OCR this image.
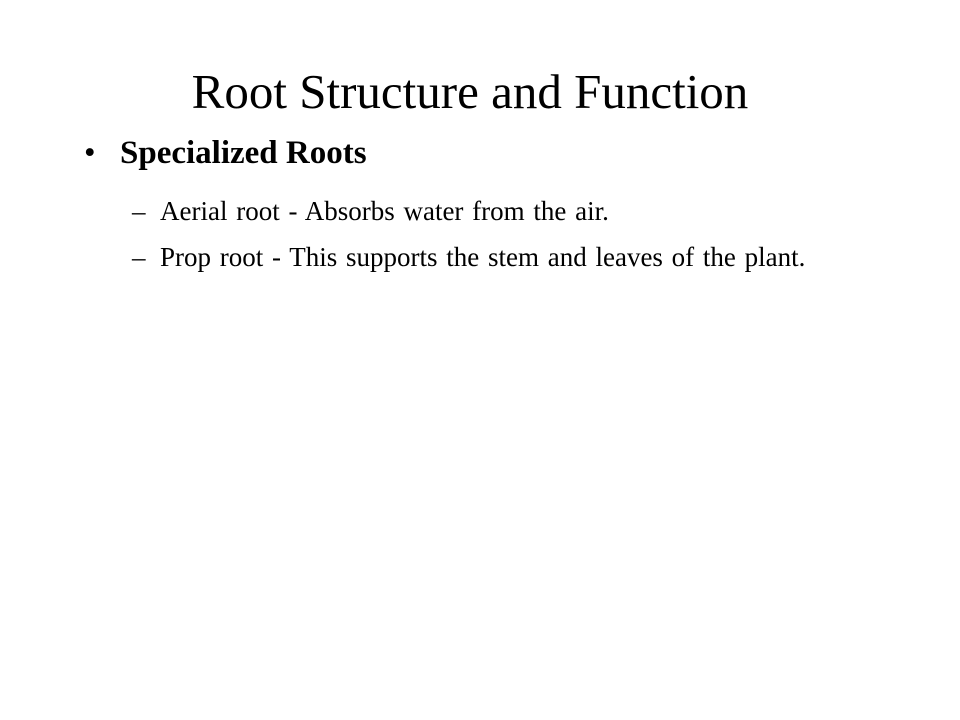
Root Structure and Function
• Specialized Roots
– Aerial root - Absorbs water from the air.
– Prop root - This supports the stem and leaves of the plant.
